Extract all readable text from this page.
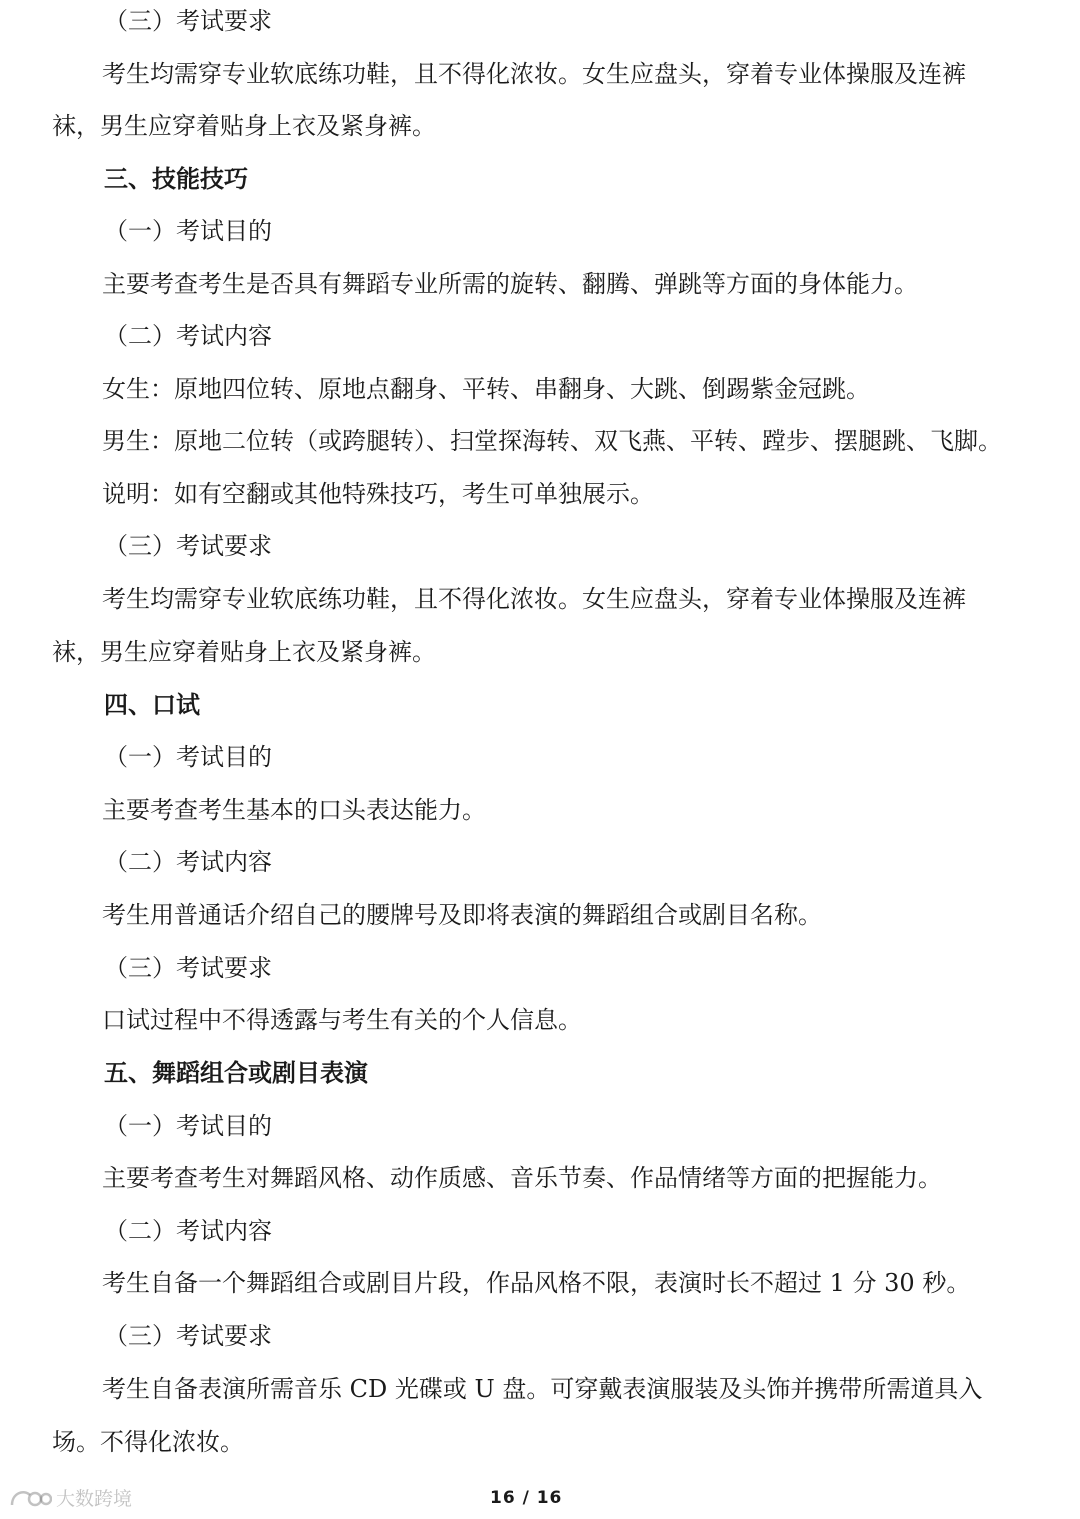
（三）考试要求
考生均需穿专业软底练功鞋，且不得化浓妆。女生应盘头，穿着专业体操服及连裤
袜，男生应穿着贴身上衣及紧身裤。
三、技能技巧
（一）考试目的
主要考查考生是否具有舞蹈专业所需的旋转、翻腾、弹跳等方面的身体能力。
（二）考试内容
女生：原地四位转、原地点翻身、平转、串翻身、大跳、倒踢紫金冠跳。
男生：原地二位转（或跨腿转）、扫堂探海转、双飞燕、平转、蹚步、摆腿跳、飞脚。
说明：如有空翻或其他特殊技巧，考生可单独展示。
（三）考试要求
考生均需穿专业软底练功鞋，且不得化浓妆。女生应盘头，穿着专业体操服及连裤
袜，男生应穿着贴身上衣及紧身裤。
四、口试
（一）考试目的
主要考查考生基本的口头表达能力。
（二）考试内容
考生用普通话介绍自己的腰牌号及即将表演的舞蹈组合或剧目名称。
（三）考试要求
口试过程中不得透露与考生有关的个人信息。
五、舞蹈组合或剧目表演
（一）考试目的
主要考查考生对舞蹈风格、动作质感、音乐节奏、作品情绪等方面的把握能力。
（二）考试内容
考生自备一个舞蹈组合或剧目片段，作品风格不限，表演时长不超过 1 分 30 秒。
（三）考试要求
考生自备表演所需音乐 CD 光碟或 U 盘。可穿戴表演服装及头饰并携带所需道具入
场。不得化浓妆。
大数跨境	16 / 16
